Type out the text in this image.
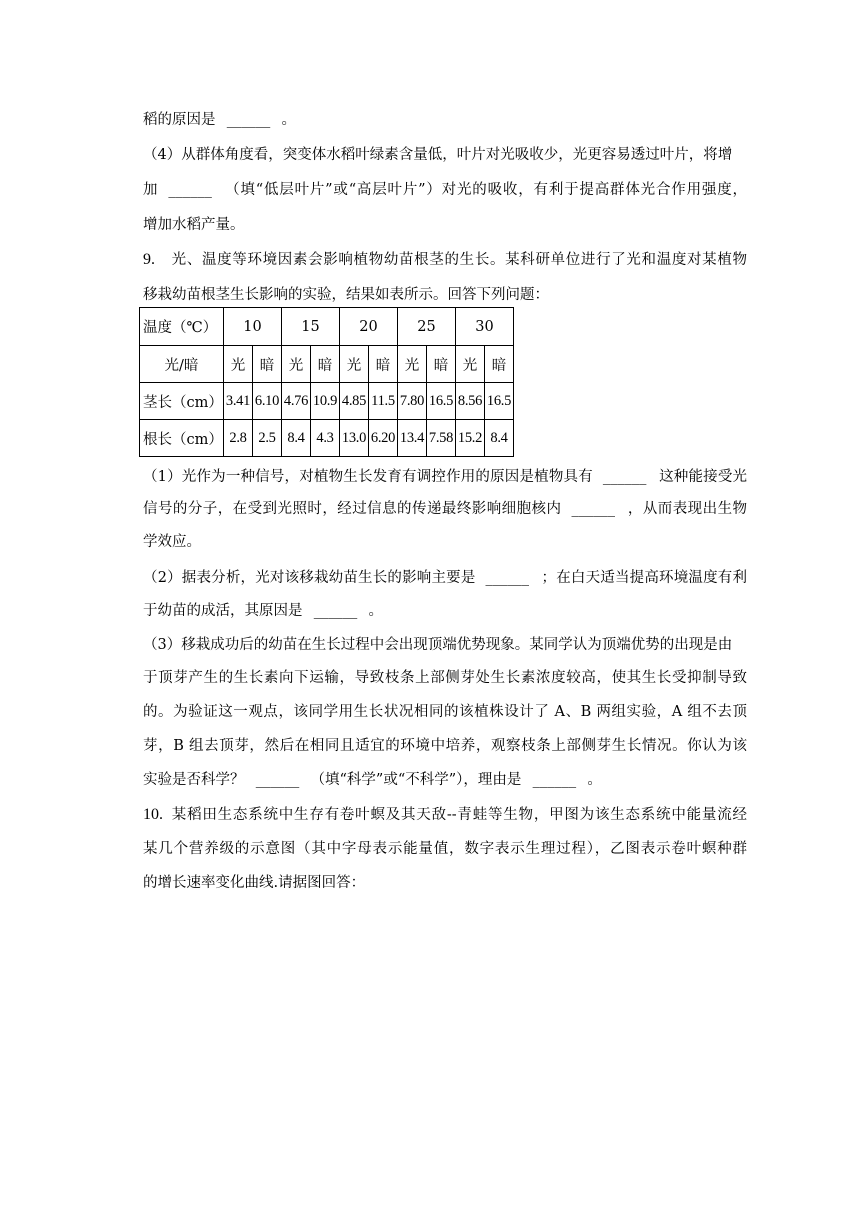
稻的原因是 ______ 。
（4）从群体角度看，突变体水稻叶绿素含量低，叶片对光吸收少，光更容易透过叶片，将增
加 ______ （填“低层叶片”或“高层叶片”）对光的吸收，有利于提高群体光合作用强度，
增加水稻产量。
9. 光、温度等环境因素会影响植物幼苗根茎的生长。某科研单位进行了光和温度对某植物
移栽幼苗根茎生长影响的实验，结果如表所示。回答下列问题：
温度（℃）	10		15		20		25		30	
光/暗	光	暗	光	暗	光	暗	光	暗	光	暗
茎长（cm）	3.41	6.10	4.76	10.9	4.85	11.5	7.80	16.5	8.56	16.5
根长（cm）	2.8	2.5	8.4	4.3	13.0	6.20	13.4	7.58	15.2	8.4
（1）光作为一种信号，对植物生长发育有调控作用的原因是植物具有 ______ 这种能接受光
信号的分子，在受到光照时，经过信息的传递最终影响细胞核内 ______ ，从而表现出生物
学效应。
（2）据表分析，光对该移栽幼苗生长的影响主要是 ______ ；在白天适当提高环境温度有利
于幼苗的成活，其原因是 ______ 。
（3）移栽成功后的幼苗在生长过程中会出现顶端优势现象。某同学认为顶端优势的出现是由
于顶芽产生的生长素向下运输，导致枝条上部侧芽处生长素浓度较高，使其生长受抑制导致
的。为验证这一观点，该同学用生长状况相同的该植株设计了 A、B 两组实验，A 组不去顶
芽，B 组去顶芽，然后在相同且适宜的环境中培养，观察枝条上部侧芽生长情况。你认为该
实验是否科学？ ______ （填“科学”或“不科学”），理由是 ______ 。
10. 某稻田生态系统中生存有卷叶螟及其天敌--青蛙等生物，甲图为该生态系统中能量流经
某几个营养级的示意图（其中字母表示能量值，数字表示生理过程），乙图表示卷叶螟种群
的增长速率变化曲线.请据图回答：
